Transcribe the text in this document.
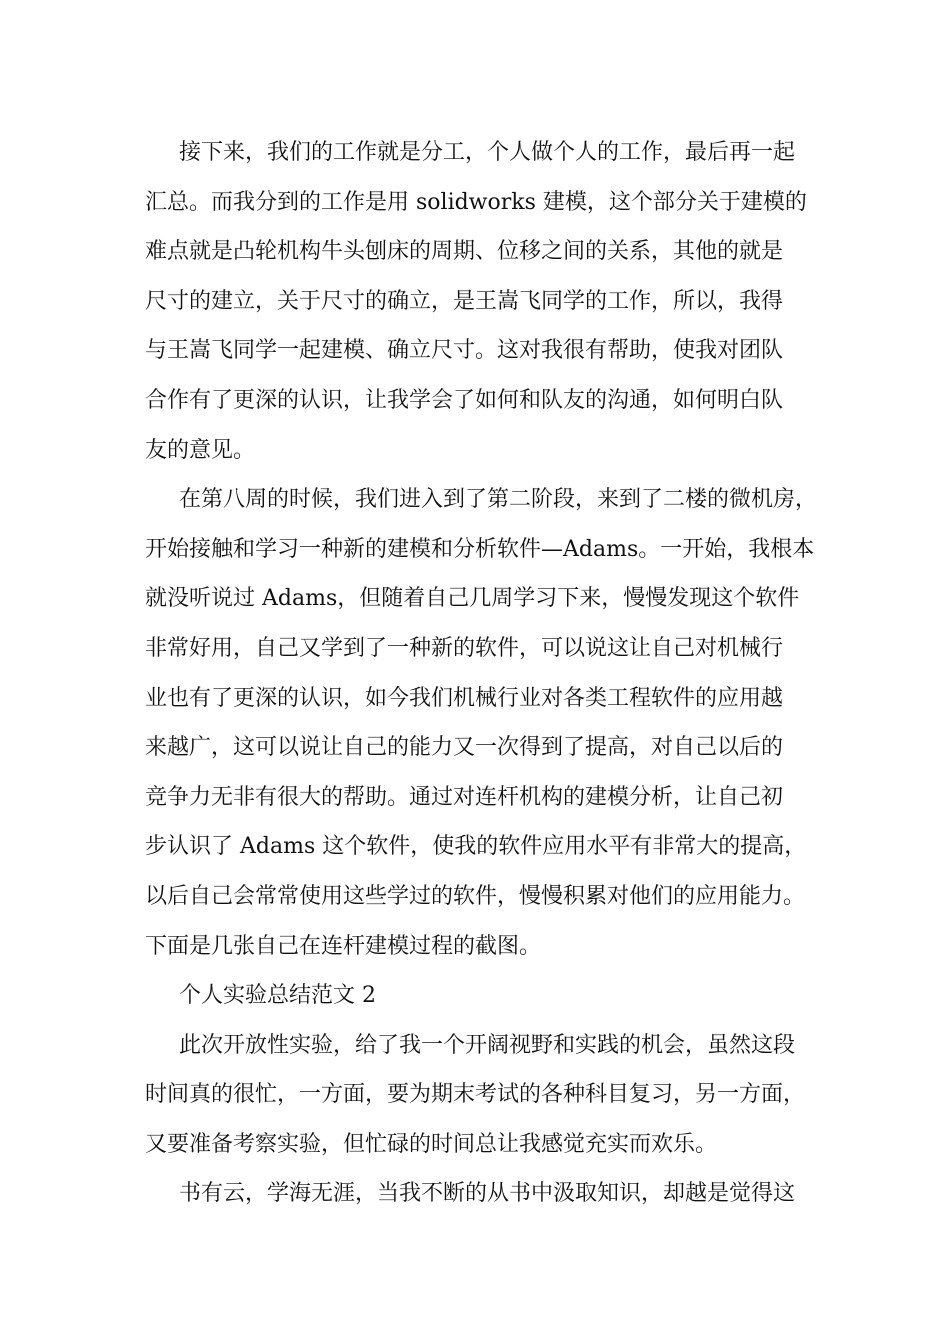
接下来，我们的工作就是分工，个人做个人的工作，最后再一起
汇总。而我分到的工作是用 solidworks 建模，这个部分关于建模的
难点就是凸轮机构牛头刨床的周期、位移之间的关系，其他的就是
尺寸的建立，关于尺寸的确立，是王嵩飞同学的工作，所以，我得
与王嵩飞同学一起建模、确立尺寸。这对我很有帮助，使我对团队
合作有了更深的认识，让我学会了如何和队友的沟通，如何明白队
友的意见。
在第八周的时候，我们进入到了第二阶段，来到了二楼的微机房，
开始接触和学习一种新的建模和分析软件—Adams。一开始，我根本
就没听说过 Adams，但随着自己几周学习下来，慢慢发现这个软件
非常好用，自己又学到了一种新的软件，可以说这让自己对机械行
业也有了更深的认识，如今我们机械行业对各类工程软件的应用越
来越广，这可以说让自己的能力又一次得到了提高，对自己以后的
竞争力无非有很大的帮助。通过对连杆机构的建模分析，让自己初
步认识了 Adams 这个软件，使我的软件应用水平有非常大的提高，
以后自己会常常使用这些学过的软件，慢慢积累对他们的应用能力。
下面是几张自己在连杆建模过程的截图。
个人实验总结范文 2
此次开放性实验，给了我一个开阔视野和实践的机会，虽然这段
时间真的很忙，一方面，要为期末考试的各种科目复习，另一方面，
又要准备考察实验，但忙碌的时间总让我感觉充实而欢乐。
书有云，学海无涯，当我不断的从书中汲取知识，却越是觉得这
